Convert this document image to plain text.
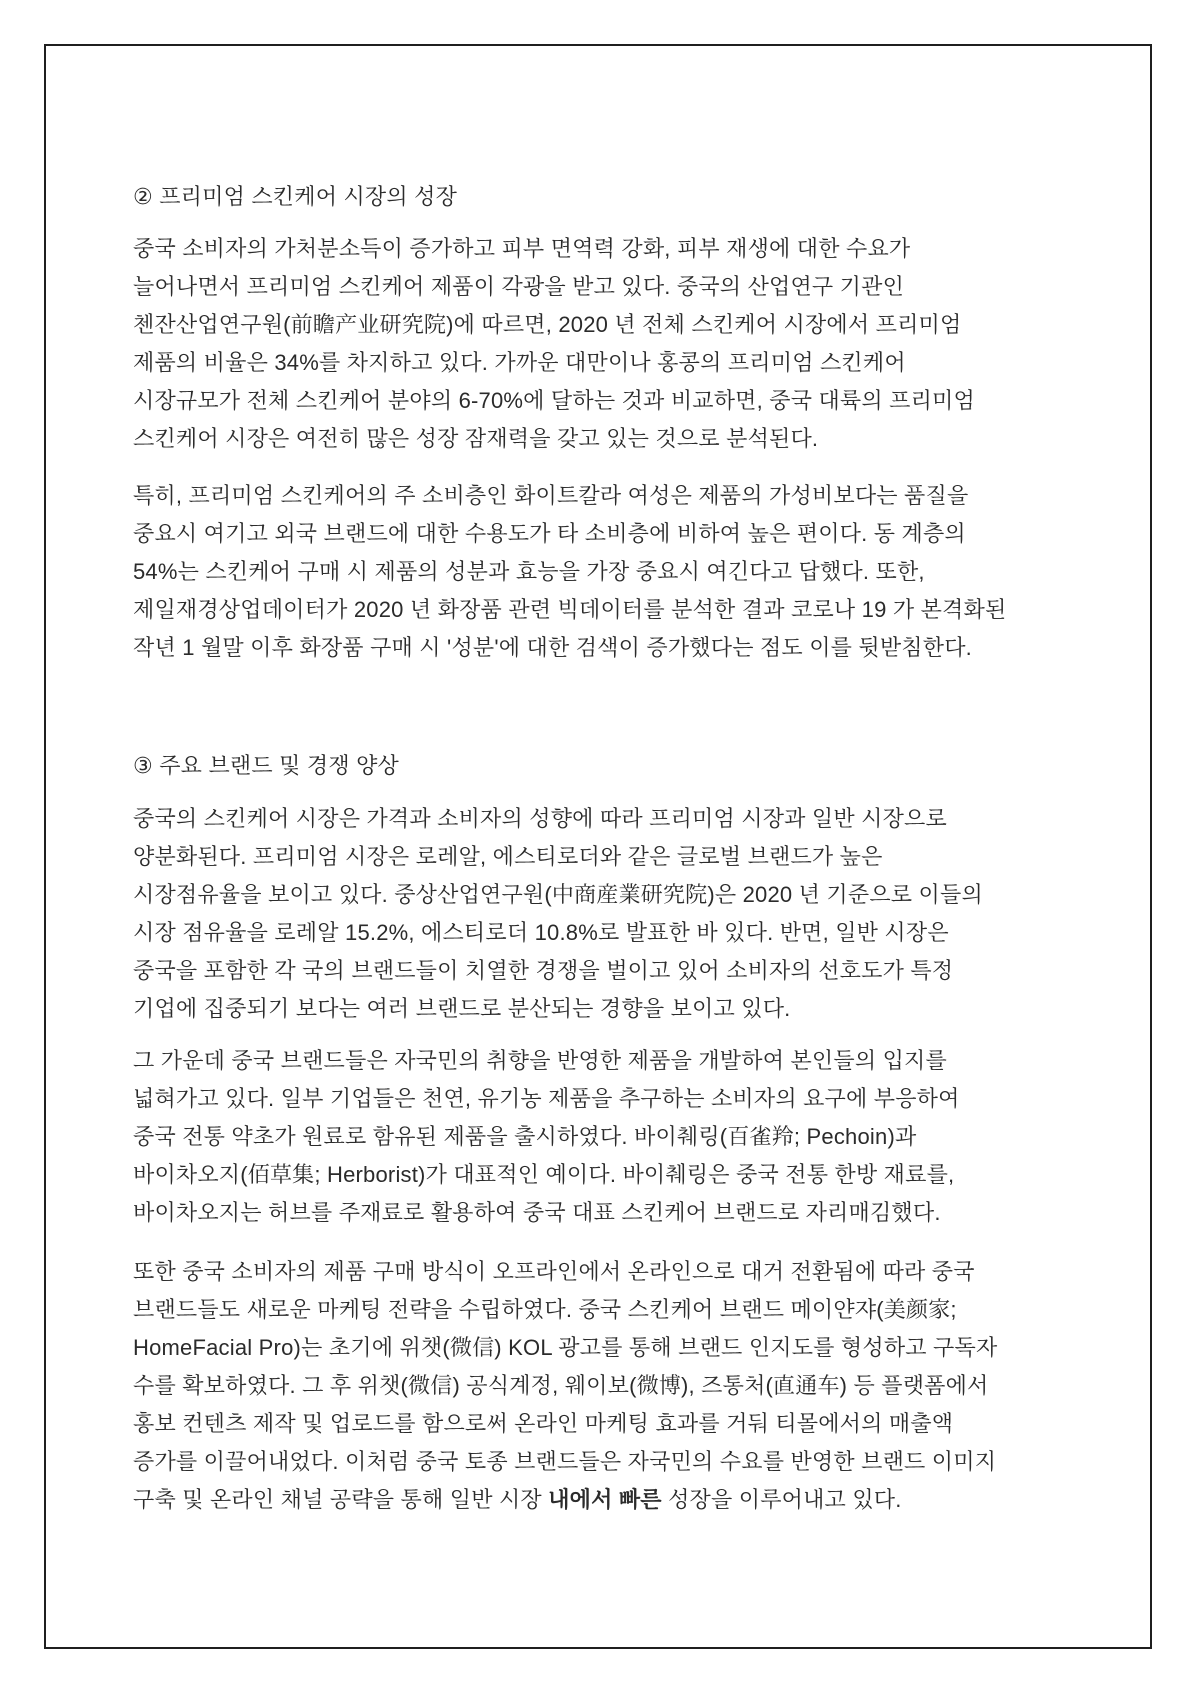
② 프리미엄 스킨케어 시장의 성장
중국 소비자의 가처분소득이 증가하고 피부 면역력 강화, 피부 재생에 대한 수요가
늘어나면서 프리미엄 스킨케어 제품이 각광을 받고 있다. 중국의 산업연구 기관인
첸잔산업연구원(前瞻产业研究院)에 따르면, 2020 년 전체 스킨케어 시장에서 프리미엄
제품의 비율은 34%를 차지하고 있다. 가까운 대만이나 홍콩의 프리미엄 스킨케어
시장규모가 전체 스킨케어 분야의 6-70%에 달하는 것과 비교하면, 중국 대륙의 프리미엄
스킨케어 시장은 여전히 많은 성장 잠재력을 갖고 있는 것으로 분석된다.
특히, 프리미엄 스킨케어의 주 소비층인 화이트칼라 여성은 제품의 가성비보다는 품질을
중요시 여기고 외국 브랜드에 대한 수용도가 타 소비층에 비하여 높은 편이다. 동 계층의
54%는 스킨케어 구매 시 제품의 성분과 효능을 가장 중요시 여긴다고 답했다. 또한,
제일재경상업데이터가 2020 년 화장품 관련 빅데이터를 분석한 결과 코로나 19 가 본격화된
작년 1 월말 이후 화장품 구매 시 '성분'에 대한 검색이 증가했다는 점도 이를 뒷받침한다.
③ 주요 브랜드 및 경쟁 양상
중국의 스킨케어 시장은 가격과 소비자의 성향에 따라 프리미엄 시장과 일반 시장으로
양분화된다. 프리미엄 시장은 로레알, 에스티로더와 같은 글로벌 브랜드가 높은
시장점유율을 보이고 있다. 중상산업연구원(中商産業研究院)은 2020 년 기준으로 이들의
시장 점유율을 로레알 15.2%, 에스티로더 10.8%로 발표한 바 있다. 반면, 일반 시장은
중국을 포함한 각 국의 브랜드들이 치열한 경쟁을 벌이고 있어 소비자의 선호도가 특정
기업에 집중되기 보다는 여러 브랜드로 분산되는 경향을 보이고 있다.
그 가운데 중국 브랜드들은 자국민의 취향을 반영한 제품을 개발하여 본인들의 입지를
넓혀가고 있다. 일부 기업들은 천연, 유기농 제품을 추구하는 소비자의 요구에 부응하여
중국 전통 약초가 원료로 함유된 제품을 출시하였다. 바이췌링(百雀羚; Pechoin)과
바이차오지(佰草集; Herborist)가 대표적인 예이다. 바이췌링은 중국 전통 한방 재료를,
바이차오지는 허브를 주재료로 활용하여 중국 대표 스킨케어 브랜드로 자리매김했다.
또한 중국 소비자의 제품 구매 방식이 오프라인에서 온라인으로 대거 전환됨에 따라 중국
브랜드들도 새로운 마케팅 전략을 수립하였다. 중국 스킨케어 브랜드 메이얀쟈(美颜家;
HomeFacial Pro)는 초기에 위챗(微信) KOL 광고를 통해 브랜드 인지도를 형성하고 구독자
수를 확보하였다. 그 후 위챗(微信) 공식계정, 웨이보(微博), 즈통처(直通车) 등 플랫폼에서
홍보 컨텐츠 제작 및 업로드를 함으로써 온라인 마케팅 효과를 거둬 티몰에서의 매출액
증가를 이끌어내었다. 이처럼 중국 토종 브랜드들은 자국민의 수요를 반영한 브랜드 이미지
구축 및 온라인 채널 공략을 통해 일반 시장 내에서 빠른 성장을 이루어내고 있다.
